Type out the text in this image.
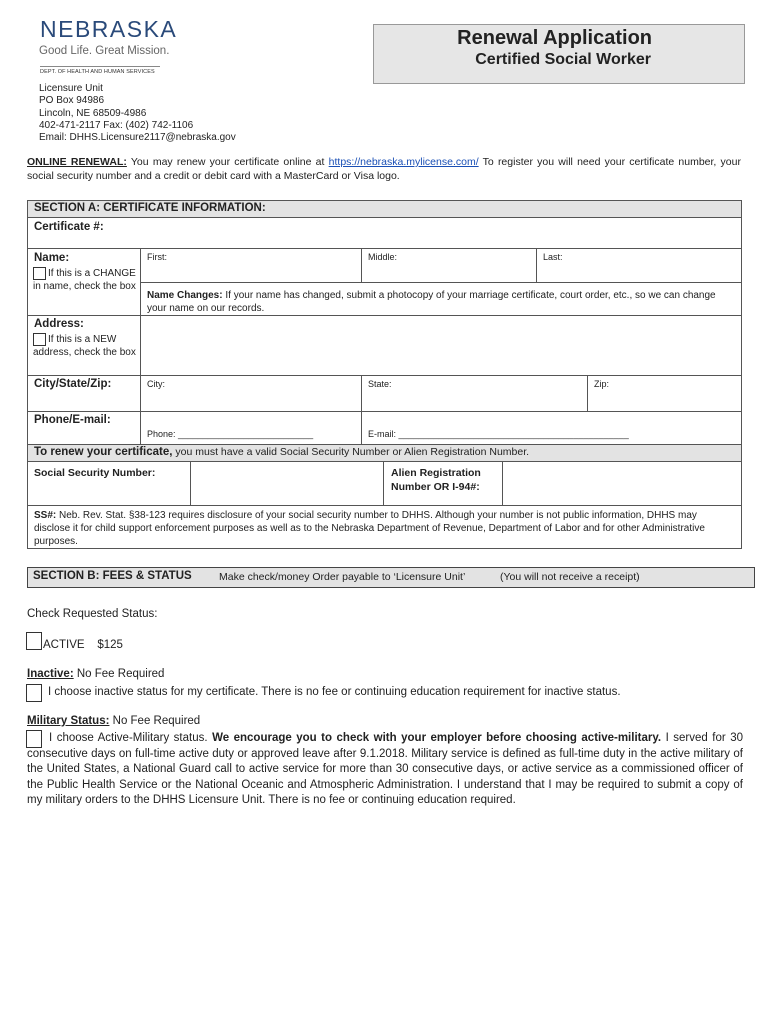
NEBRASKA
Good Life. Great Mission.
DEPT. OF HEALTH AND HUMAN SERVICES
Renewal Application
Certified Social Worker
Licensure Unit
PO Box 94986
Lincoln, NE 68509-4986
402-471-2117 Fax: (402) 742-1106
Email: DHHS.Licensure2117@nebraska.gov
ONLINE RENEWAL: You may renew your certificate online at https://nebraska.mylicense.com/ To register you will need your certificate number, your social security number and a credit or debit card with a MasterCard or Visa logo.
SECTION A: CERTIFICATE INFORMATION:
Certificate #:
Name:
If this is a CHANGE in name, check the box
First:	Middle:	Last:
Name Changes: If your name has changed, submit a photocopy of your marriage certificate, court order, etc., so we can change your name on our records.
Address:
If this is a NEW address, check the box
City/State/Zip:	City:	State:	Zip:
Phone/E-mail:
Phone: ___________________________	E-mail: ______________________________________________
To renew your certificate, you must have a valid Social Security Number or Alien Registration Number.
Social Security Number:	Alien Registration Number OR I-94#:
SS#: Neb. Rev. Stat. §38-123 requires disclosure of your social security number to DHHS. Although your number is not public information, DHHS may disclose it for child support enforcement purposes as well as to the Nebraska Department of Revenue, Department of Labor and for other Administrative purposes.
SECTION B: FEES & STATUS	Make check/money Order payable to ‘Licensure Unit’	(You will not receive a receipt)
Check Requested Status:
ACTIVE    $125
Inactive: No Fee Required
I choose inactive status for my certificate. There is no fee or continuing education requirement for inactive status.
Military Status: No Fee Required
I choose Active-Military status. We encourage you to check with your employer before choosing active-military. I served for 30 consecutive days on full-time active duty or approved leave after 9.1.2018. Military service is defined as full-time duty in the active military of the United States, a National Guard call to active service for more than 30 consecutive days, or active service as a commissioned officer of the Public Health Service or the National Oceanic and Atmospheric Administration. I understand that I may be required to submit a copy of my military orders to the DHHS Licensure Unit. There is no fee or continuing education required.
